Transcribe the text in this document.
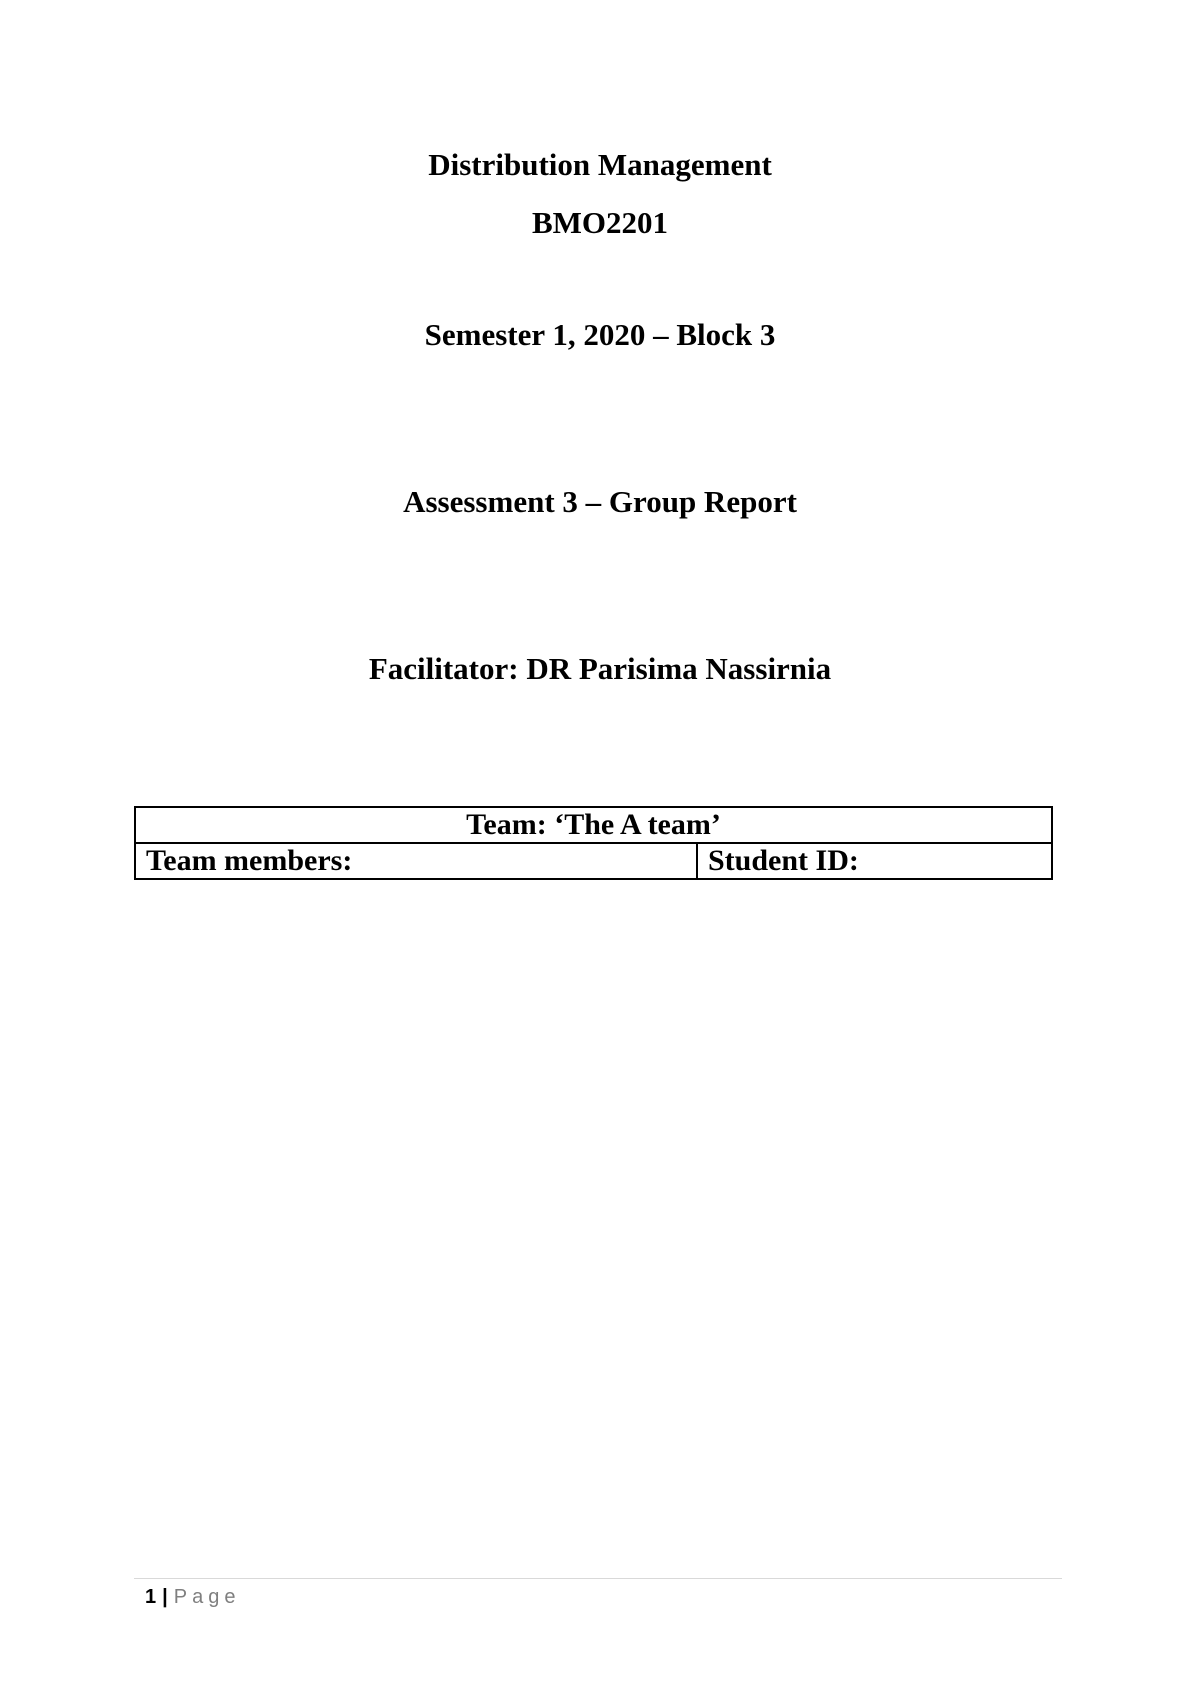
Distribution Management
BMO2201
Semester 1, 2020 – Block 3
Assessment 3 – Group Report
Facilitator: DR Parisima Nassirnia
Team: ‘The A team’
Team members:	Student ID:
1 | Page
